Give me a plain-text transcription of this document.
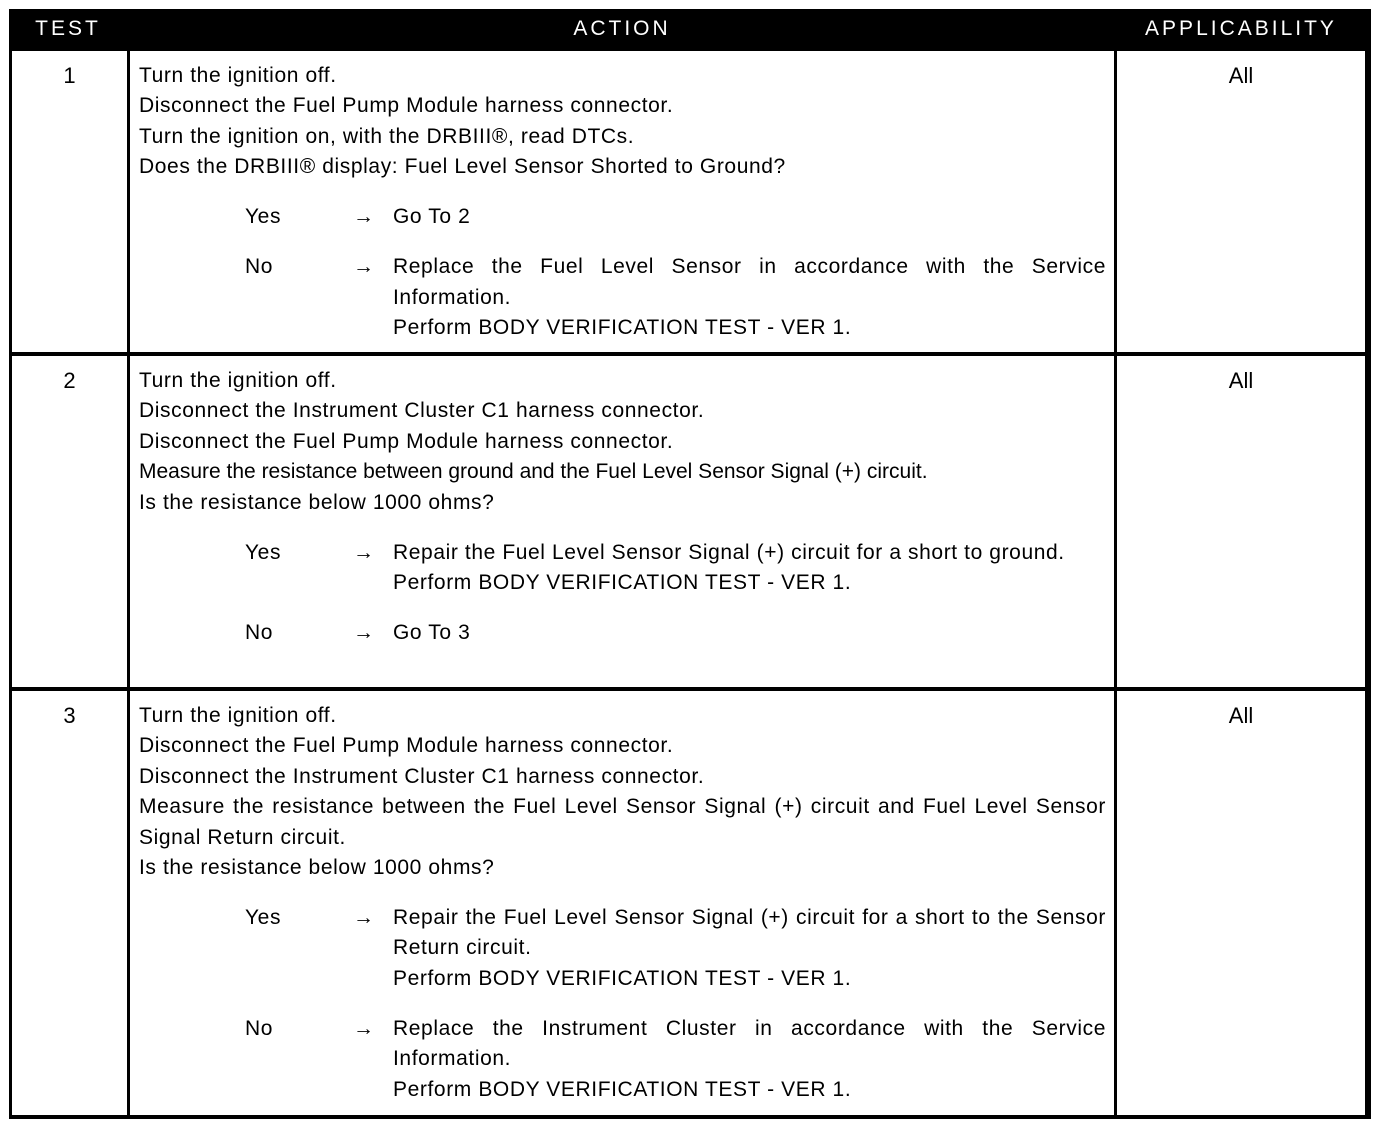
TEST	ACTION	APPLICABILITY
1	Turn the ignition off.
Disconnect the Fuel Pump Module harness connector.
Turn the ignition on, with the DRBIII®, read DTCs.
Does the DRBIII® display: Fuel Level Sensor Shorted to Ground?
Yes	→ Go To 2
No	→ Replace the Fuel Level Sensor in accordance with the Service Information.
Perform BODY VERIFICATION TEST - VER 1.
All
2	Turn the ignition off.
Disconnect the Instrument Cluster C1 harness connector.
Disconnect the Fuel Pump Module harness connector.
Measure the resistance between ground and the Fuel Level Sensor Signal (+) circuit.
Is the resistance below 1000 ohms?
Yes	→ Repair the Fuel Level Sensor Signal (+) circuit for a short to ground.
Perform BODY VERIFICATION TEST - VER 1.
No	→ Go To 3
All
3	Turn the ignition off.
Disconnect the Fuel Pump Module harness connector.
Disconnect the Instrument Cluster C1 harness connector.
Measure the resistance between the Fuel Level Sensor Signal (+) circuit and Fuel Level Sensor Signal Return circuit.
Is the resistance below 1000 ohms?
Yes	→ Repair the Fuel Level Sensor Signal (+) circuit for a short to the Sensor Return circuit.
Perform BODY VERIFICATION TEST - VER 1.
No	→ Replace the Instrument Cluster in accordance with the Service Information.
Perform BODY VERIFICATION TEST - VER 1.
All
